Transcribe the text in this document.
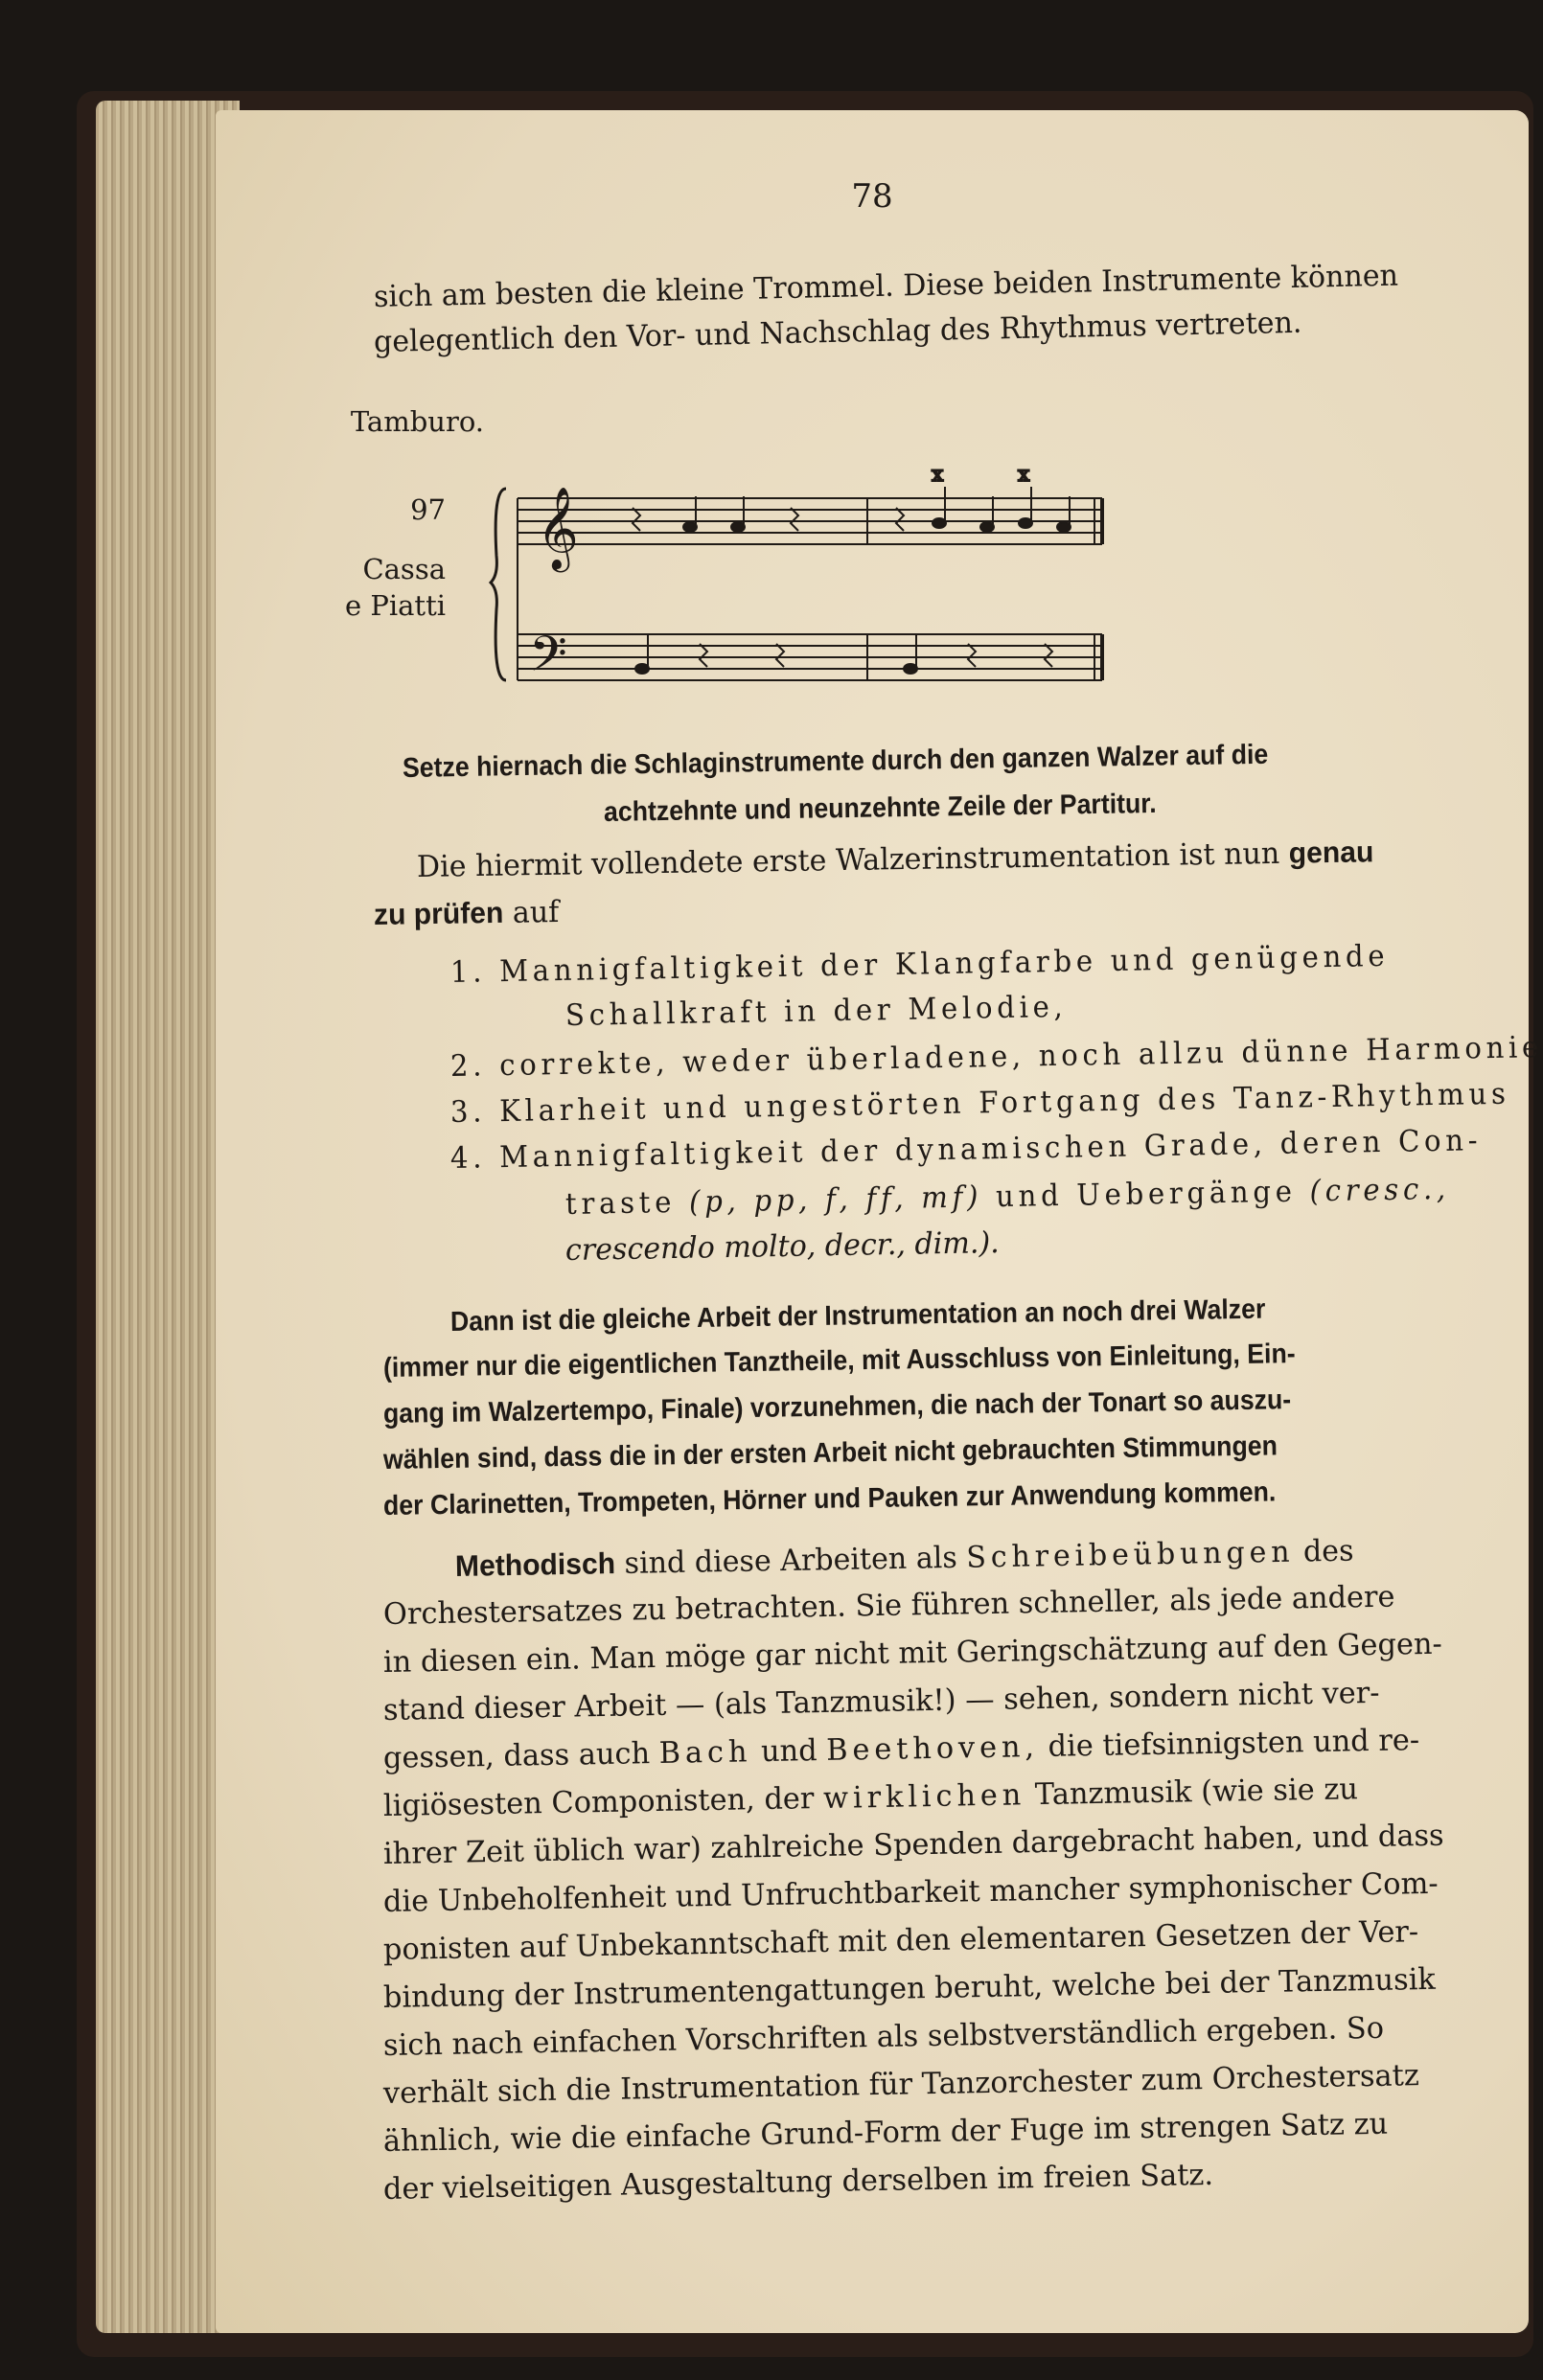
78
sich am besten die kleine Trommel. Diese beiden Instrumente können
gelegentlich den Vor- und Nachschlag des Rhythmus vertreten.
Tamburo.
97
Cassa
e Piatti
𝄞
x	x
𝄢
Setze hiernach die Schlaginstrumente durch den ganzen Walzer auf die
achtzehnte und neunzehnte Zeile der Partitur.
Die hiermit vollendete erste Walzerinstrumentation ist nun genau
zu prüfen auf
1. Mannigfaltigkeit der Klangfarbe und genügende
Schallkraft in der Melodie,
2. correkte, weder überladene, noch allzu dünne Harmonie
3. Klarheit und ungestörten Fortgang des Tanz-Rhythmus
4. Mannigfaltigkeit der dynamischen Grade, deren Con-
traste (p, pp, f, ff, mf) und Uebergänge (cresc.,
crescendo molto, decr., dim.).
Dann ist die gleiche Arbeit der Instrumentation an noch drei Walzer
(immer nur die eigentlichen Tanztheile, mit Ausschluss von Einleitung, Ein-
gang im Walzertempo, Finale) vorzunehmen, die nach der Tonart so auszu-
wählen sind, dass die in der ersten Arbeit nicht gebrauchten Stimmungen
der Clarinetten, Trompeten, Hörner und Pauken zur Anwendung kommen.
Methodisch sind diese Arbeiten als Schreibeübungen des
Orchestersatzes zu betrachten. Sie führen schneller, als jede andere
in diesen ein. Man möge gar nicht mit Geringschätzung auf den Gegen-
stand dieser Arbeit — (als Tanzmusik!) — sehen, sondern nicht ver-
gessen, dass auch Bach und Beethoven, die tiefsinnigsten und re-
ligiösesten Componisten, der wirklichen Tanzmusik (wie sie zu
ihrer Zeit üblich war) zahlreiche Spenden dargebracht haben, und dass
die Unbeholfenheit und Unfruchtbarkeit mancher symphonischer Com-
ponisten auf Unbekanntschaft mit den elementaren Gesetzen der Ver-
bindung der Instrumentengattungen beruht, welche bei der Tanzmusik
sich nach einfachen Vorschriften als selbstverständlich ergeben. So
verhält sich die Instrumentation für Tanzorchester zum Orchestersatz
ähnlich, wie die einfache Grund-Form der Fuge im strengen Satz zu
der vielseitigen Ausgestaltung derselben im freien Satz.
